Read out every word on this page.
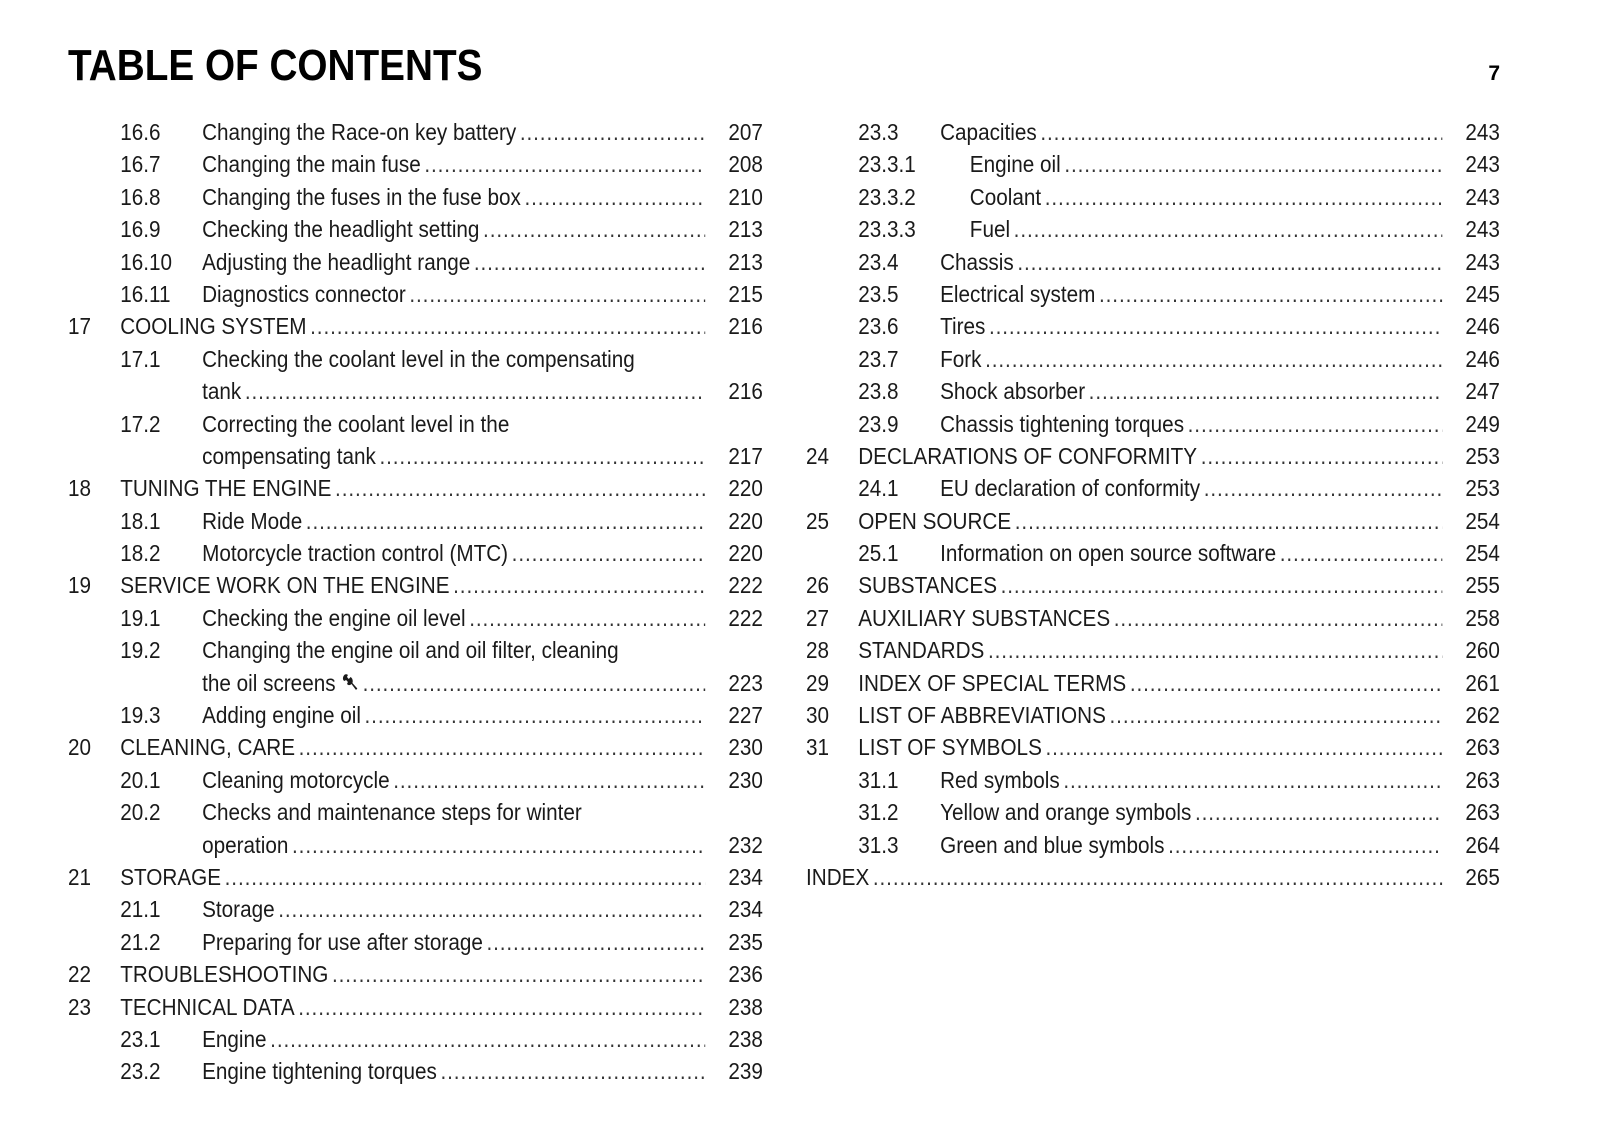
TABLE OF CONTENTS	7
16.6 Changing the Race-on key battery .....	207
16.7 Changing the main fuse .....	208
16.8 Changing the fuses in the fuse box .....	210
16.9 Checking the headlight setting .....	213
16.10 Adjusting the headlight range .....	213
16.11 Diagnostics connector .....	215
17 COOLING SYSTEM .....	216
17.1 Checking the coolant level in the compensating
tank .....	216
17.2 Correcting the coolant level in the
compensating tank .....	217
18 TUNING THE ENGINE .....	220
18.1 Ride Mode .....	220
18.2 Motorcycle traction control (MTC) .....	220
19 SERVICE WORK ON THE ENGINE .....	222
19.1 Checking the engine oil level .....	222
19.2 Changing the engine oil and oil filter, cleaning
the oil screens .....	223
19.3 Adding engine oil .....	227
20 CLEANING, CARE .....	230
20.1 Cleaning motorcycle .....	230
20.2 Checks and maintenance steps for winter
operation .....	232
21 STORAGE .....	234
21.1 Storage .....	234
21.2 Preparing for use after storage .....	235
22 TROUBLESHOOTING .....	236
23 TECHNICAL DATA .....	238
23.1 Engine .....	238
23.2 Engine tightening torques .....	239
23.3 Capacities .....	243
23.3.1 Engine oil .....	243
23.3.2 Coolant .....	243
23.3.3 Fuel .....	243
23.4 Chassis .....	243
23.5 Electrical system .....	245
23.6 Tires .....	246
23.7 Fork .....	246
23.8 Shock absorber .....	247
23.9 Chassis tightening torques .....	249
24 DECLARATIONS OF CONFORMITY .....	253
24.1 EU declaration of conformity .....	253
25 OPEN SOURCE .....	254
25.1 Information on open source software .....	254
26 SUBSTANCES .....	255
27 AUXILIARY SUBSTANCES .....	258
28 STANDARDS .....	260
29 INDEX OF SPECIAL TERMS .....	261
30 LIST OF ABBREVIATIONS .....	262
31 LIST OF SYMBOLS .....	263
31.1 Red symbols .....	263
31.2 Yellow and orange symbols .....	263
31.3 Green and blue symbols .....	264
INDEX .....	265
